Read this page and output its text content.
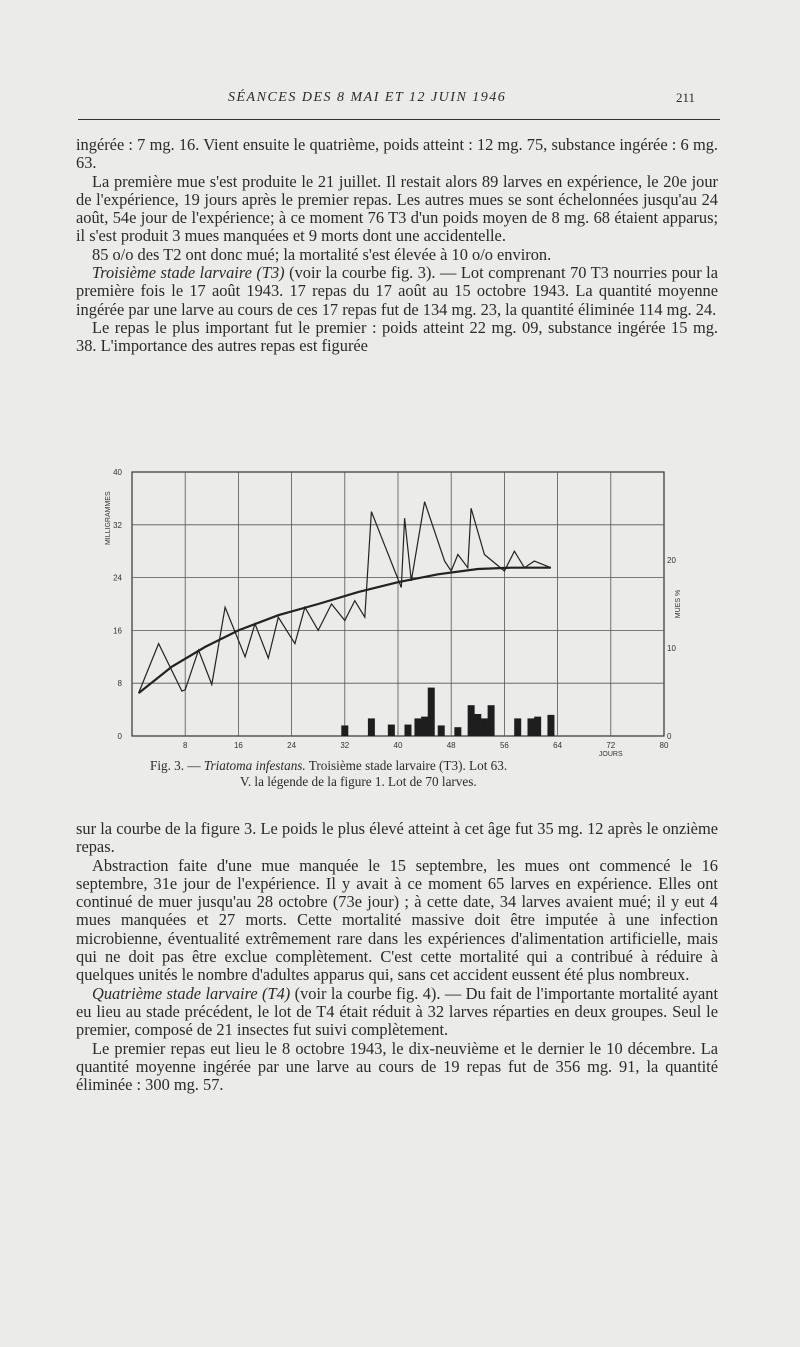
SÉANCES DES 8 MAI ET 12 JUIN 1946	211

ingérée : 7 mg. 16. Vient ensuite le quatrième, poids atteint : 12 mg. 75, substance ingérée : 6 mg. 63.

La première mue s'est produite le 21 juillet. Il restait alors 89 larves en expérience, le 20e jour de l'expérience, 19 jours après le premier repas. Les autres mues se sont échelonnées jusqu'au 24 août, 54e jour de l'expérience; à ce moment 76 T3 d'un poids moyen de 8 mg. 68 étaient apparus; il s'est produit 3 mues manquées et 9 morts dont une accidentelle.

85 o/o des T2 ont donc mué; la mortalité s'est élevée à 10 o/o environ.

Troisième stade larvaire (T3) (voir la courbe fig. 3). — Lot comprenant 70 T3 nourries pour la première fois le 17 août 1943. 17 repas du 17 août au 15 octobre 1943. La quantité moyenne ingérée par une larve au cours de ces 17 repas fut de 134 mg. 23, la quantité éliminée 114 mg. 24.

Le repas le plus important fut le premier : poids atteint 22 mg. 09, substance ingérée 15 mg. 38. L'importance des autres repas est figurée

8	16	24	32	40	48	56	64	72	80
JOURS
0
8
16
24
32
40
0
10
20
MILLIGRAMMES
MUES %
Fig. 3. — Triatoma infestans. Troisième stade larvaire (T3). Lot 63.
V. la légende de la figure 1. Lot de 70 larves.

sur la courbe de la figure 3. Le poids le plus élevé atteint à cet âge fut 35 mg. 12 après le onzième repas.

Abstraction faite d'une mue manquée le 15 septembre, les mues ont commencé le 16 septembre, 31e jour de l'expérience. Il y avait à ce moment 65 larves en expérience. Elles ont continué de muer jusqu'au 28 octobre (73e jour) ; à cette date, 34 larves avaient mué; il y eut 4 mues manquées et 27 morts. Cette mortalité massive doit être imputée à une infection microbienne, éventualité extrêmement rare dans les expériences d'alimentation artificielle, mais qui ne doit pas être exclue complètement. C'est cette mortalité qui a contribué à réduire à quelques unités le nombre d'adultes apparus qui, sans cet accident eussent été plus nombreux.

Quatrième stade larvaire (T4) (voir la courbe fig. 4). — Du fait de l'importante mortalité ayant eu lieu au stade précédent, le lot de T4 était réduit à 32 larves réparties en deux groupes. Seul le premier, composé de 21 insectes fut suivi complètement.

Le premier repas eut lieu le 8 octobre 1943, le dix-neuvième et le dernier le 10 décembre. La quantité moyenne ingérée par une larve au cours de 19 repas fut de 356 mg. 91, la quantité éliminée : 300 mg. 57.
